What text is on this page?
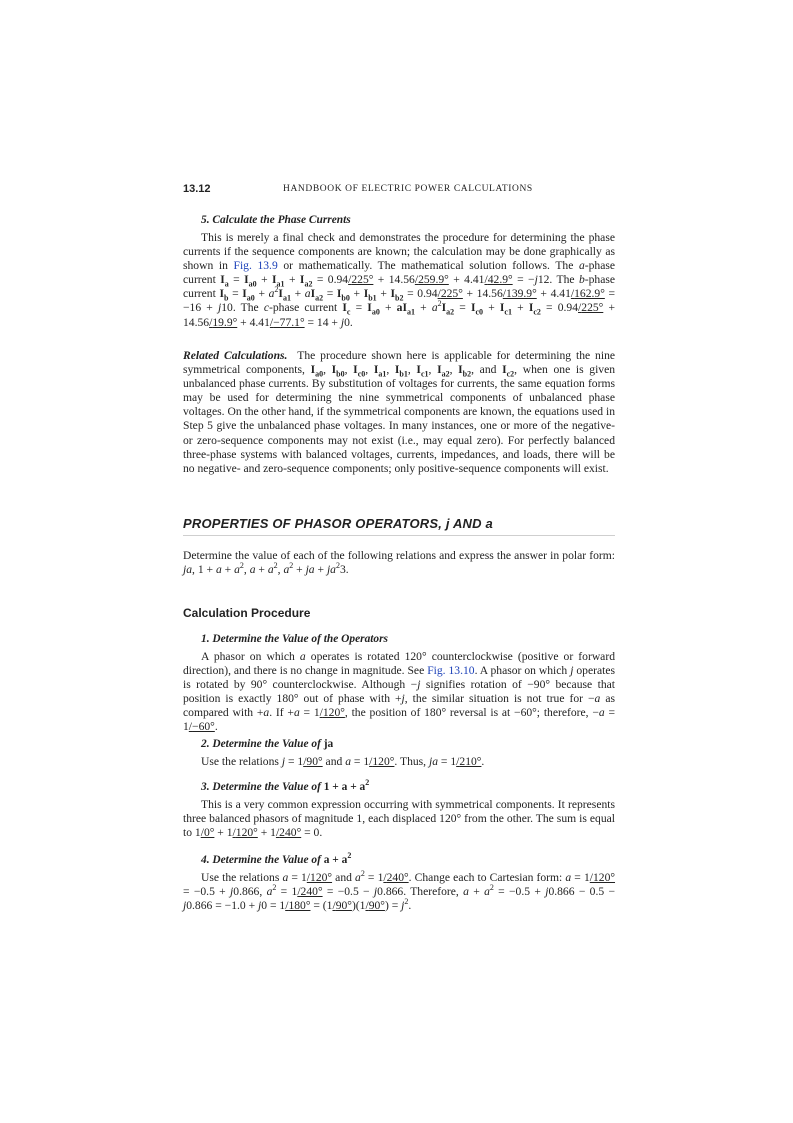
13.12	HANDBOOK OF ELECTRIC POWER CALCULATIONS
5. Calculate the Phase Currents

This is merely a final check and demonstrates the procedure for determining the phase currents if the sequence components are known; the calculation may be done graphically as shown in Fig. 13.9 or mathematically. The mathematical solution follows. The a-phase current $I_a = I_{a0} + I_{a1} + I_{a2} = 0.94/$ 225° + 14.56/ 259.9° + 4.41/ 42.9° = −j12. The b-phase current $I_b = I_{a0} + a^2I_{a1} + aI_{a2} = I_{b0} + I_{b1} + I_{b2} = 0.94/$ 225° + 14.56/ 139.9° + 4.41/ 162.9° = −16 + j10. The c-phase current $I_c = I_{a0} + aI_{a1} + a^2I_{a2} = I_{c0} + I_{c1} + I_{c2} = 0.94/$ 225° + 14.56/ 19.9° + 4.41/ −77.1° = 14 + j0.

Related Calculations.  The procedure shown here is applicable for determining the nine symmetrical components, $I_{a0}$, $I_{b0}$, $I_{c0}$, $I_{a1}$, $I_{b1}$, $I_{c1}$, $I_{a2}$, $I_{b2}$, and $I_{c2}$, when one is given unbalanced phase currents. By substitution of voltages for currents, the same equation forms may be used for determining the nine symmetrical components of unbalanced phase voltages. On the other hand, if the symmetrical components are known, the equations used in Step 5 give the unbalanced phase voltages. In many instances, one or more of the negative- or zero-sequence components may not exist (i.e., may equal zero). For perfectly balanced three-phase systems with balanced voltages, currents, impedances, and loads, there will be no negative- and zero-sequence components; only positive-sequence components will exist.

PROPERTIES OF PHASOR OPERATORS, j AND a

Determine the value of each of the following relations and express the answer in polar form: ja, $1 + a + a^2$, $a + a^2$, $a^2$ + ja + $ja^23$.

Calculation Procedure
1. Determine the Value of the Operators

A phasor on which a operates is rotated 120° counterclockwise (positive or forward direction), and there is no change in magnitude. See Fig. 13.10. A phasor on which j operates is rotated by 90° counterclockwise. Although −j signifies rotation of −90° because that position is exactly 180° out of phase with +j, the similar situation is not true for −a as compared with +a. If +a = 1/ 120°, the position of 180° reversal is at −60°; therefore, −a = 1/ −60°.

2. Determine the Value of ja

Use the relations j = 1/ 90° and a = 1/ 120°. Thus, ja = 1/ 210°.

3. Determine the Value of $1 + a + a^2$

This is a very common expression occurring with symmetrical components. It represents three balanced phasors of magnitude 1, each displaced 120° from the other. The sum is equal to 1/ 0° + 1/ 120° + 1/ 240° = 0.

4. Determine the Value of $a + a^2$

Use the relations a = 1/ 120° and $a^2 = 1/$ 240°. Change each to Cartesian form: a = 1/ 120° = −0.5 + j0.866, $a^2 = 1/$ 240° = −0.5 − j0.866. Therefore, $a + a^2 = -0.5 + j0.866 - 0.5 - j0.866 = -1.0 + j0 = 1/$ 180° = (1/ 90°)(1/ $90^\circ) = j^2$.
